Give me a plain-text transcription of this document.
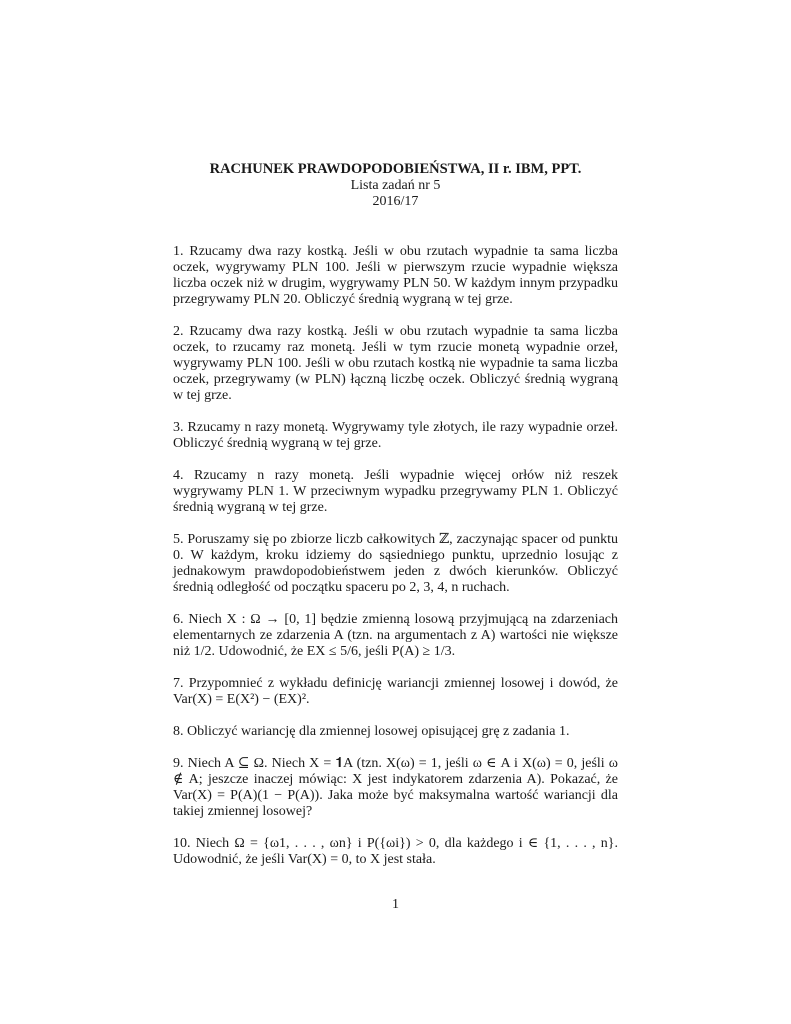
RACHUNEK PRAWDOPODOBIEŃSTWA, II r. IBM, PPT.
Lista zadań nr 5
2016/17

1. Rzucamy dwa razy kostką. Jeśli w obu rzutach wypadnie ta sama liczba oczek, wygrywamy PLN 100. Jeśli w pierwszym rzucie wypadnie większa liczba oczek niż w drugim, wygrywamy PLN 50. W każdym innym przypadku przegrywamy PLN 20. Obliczyć średnią wygraną w tej grze.

2. Rzucamy dwa razy kostką. Jeśli w obu rzutach wypadnie ta sama liczba oczek, to rzucamy raz monetą. Jeśli w tym rzucie monetą wypadnie orzeł, wygrywamy PLN 100. Jeśli w obu rzutach kostką nie wypadnie ta sama liczba oczek, przegrywamy (w PLN) łączną liczbę oczek. Obliczyć średnią wygraną w tej grze.

3. Rzucamy n razy monetą. Wygrywamy tyle złotych, ile razy wypadnie orzeł. Obliczyć średnią wygraną w tej grze.

4. Rzucamy n razy monetą. Jeśli wypadnie więcej orłów niż reszek wygrywamy PLN 1. W przeciwnym wypadku przegrywamy PLN 1. Obliczyć średnią wygraną w tej grze.

5. Poruszamy się po zbiorze liczb całkowitych ℤ, zaczynając spacer od punktu 0. W każdym, kroku idziemy do sąsiedniego punktu, uprzednio losując z jednakowym prawdopodobieństwem jeden z dwóch kierunków. Obliczyć średnią odległość od początku spaceru po 2, 3, 4, n ruchach.

6. Niech X : Ω → [0, 1] będzie zmienną losową przyjmującą na zdarzeniach elementarnych ze zdarzenia A (tzn. na argumentach z A) wartości nie większe niż 1/2. Udowodnić, że EX ≤ 5/6, jeśli P(A) ≥ 1/3.

7. Przypomnieć z wykładu definicję wariancji zmiennej losowej i dowód, że Var(X) = E(X²) − (EX)².

8. Obliczyć wariancję dla zmiennej losowej opisującej grę z zadania 1.

9. Niech A ⊆ Ω. Niech X = 𝟏A (tzn. X(ω) = 1, jeśli ω ∈ A i X(ω) = 0, jeśli ω ∉ A; jeszcze inaczej mówiąc: X jest indykatorem zdarzenia A). Pokazać, że Var(X) = P(A)(1 − P(A)). Jaka może być maksymalna wartość wariancji dla takiej zmiennej losowej?

10. Niech Ω = {ω1, . . . , ωn} i P({ωi}) > 0, dla każdego i ∈ {1, . . . , n}. Udowodnić, że jeśli Var(X) = 0, to X jest stała.

1
